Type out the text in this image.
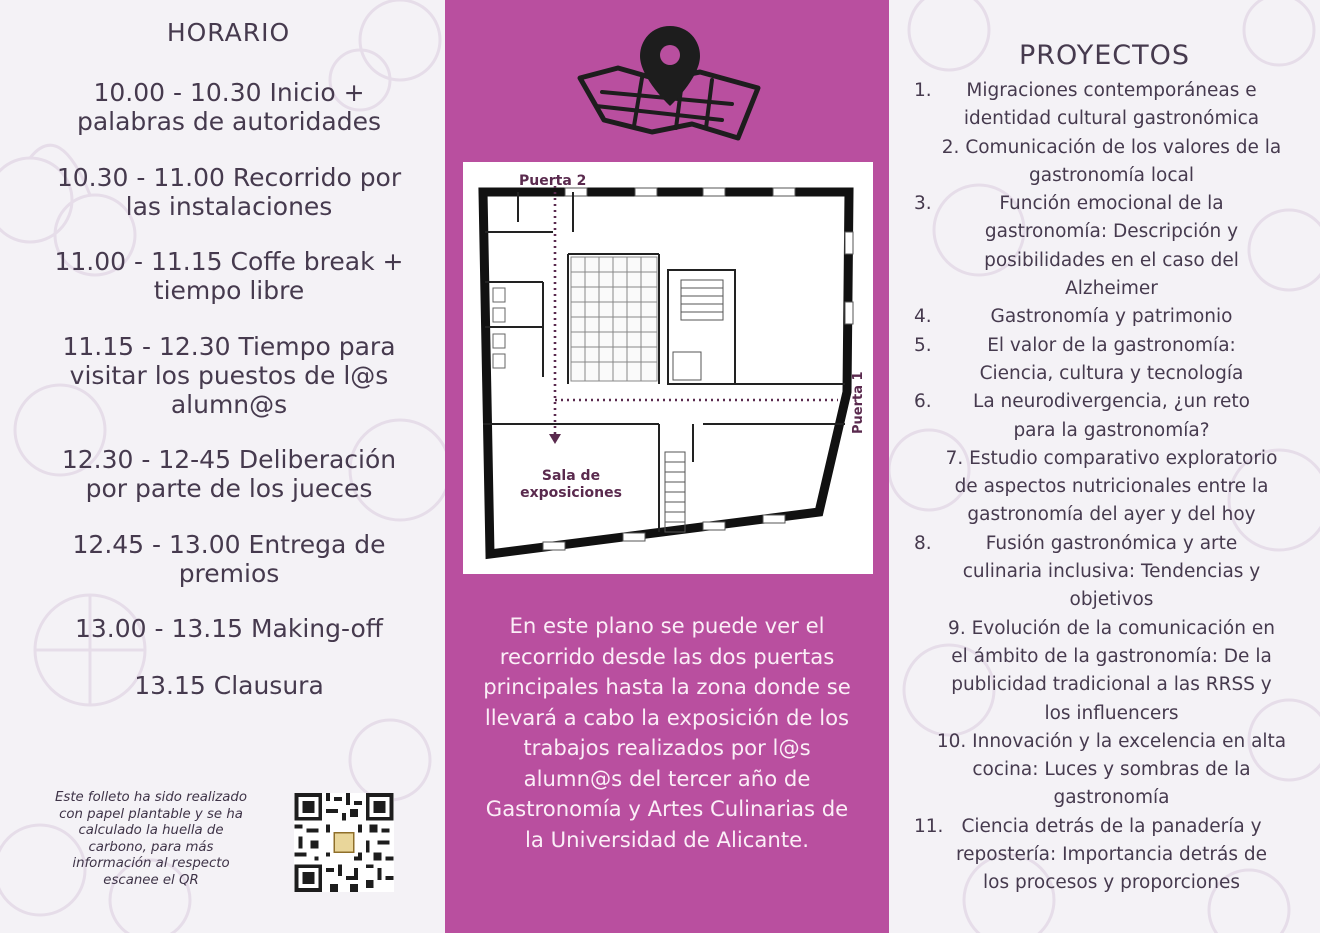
HORARIO
10.00 - 10.30 Inicio +
palabras de autoridades
10.30 - 11.00 Recorrido por
las instalaciones
11.00 - 11.15 Coffe break +
tiempo libre
11.15 - 12.30 Tiempo para
visitar los puestos de l@s
alumn@s
12.30 - 12-45 Deliberación
por parte de los jueces
12.45 - 13.00 Entrega de
premios
13.00 - 13.15 Making-off
13.15 Clausura
Este folleto ha sido realizado
con papel plantable y se ha
calculado la huella de
carbono, para más
información al respecto
escanee el QR
Puerta 2
Puerta 1
Sala de
exposiciones
En este plano se puede ver el
recorrido desde las dos puertas
principales hasta la zona donde se
llevará a cabo la exposición de los
trabajos realizados por l@s
alumn@s del tercer año de
Gastronomía y Artes Culinarias de
la Universidad de Alicante.
PROYECTOS
1. Migraciones contemporáneas e
identidad cultural gastronómica
2. Comunicación de los valores de la
gastronomía local
3.	Función emocional de la
gastronomía: Descripción y
posibilidades en el caso del
Alzheimer
4.	Gastronomía y patrimonio
5.	El valor de la gastronomía:
Ciencia, cultura y tecnología
6. La neurodivergencia, ¿un reto
para la gastronomía?
7. Estudio comparativo exploratorio
de aspectos nutricionales entre la
gastronomía del ayer y del hoy
8.	Fusión gastronómica y arte
culinaria inclusiva: Tendencias y
objetivos
9. Evolución de la comunicación en
el ámbito de la gastronomía: De la
publicidad tradicional a las RRSS y
los influencers
10. Innovación y la excelencia en alta
cocina: Luces y sombras de la
gastronomía
11. Ciencia detrás de la panadería y
repostería: Importancia detrás de
los procesos y proporciones
